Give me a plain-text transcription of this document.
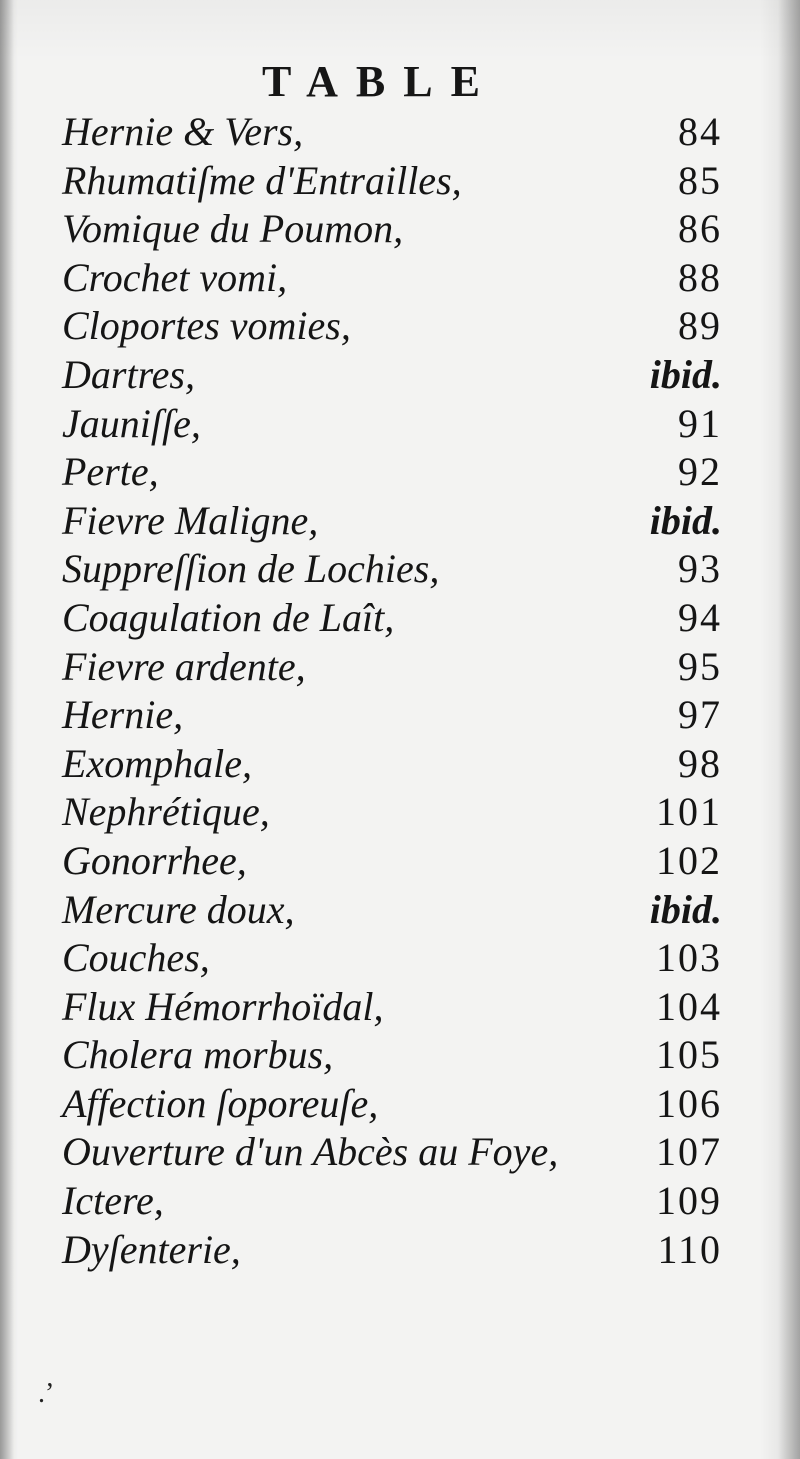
TABLE
Hernie & Vers,	84
Rhumatiſme d'Entrailles,	85
Vomique du Poumon,	86
Crochet vomi,	88
Cloportes vomies,	89
Dartres,	ibid.
Jauniſſe,	91
Perte,	92
Fievre Maligne,	ibid.
Suppreſſion de Lochies,	93
Coagulation de Laît,	94
Fievre ardente,	95
Hernie,	97
Exomphale,	98
Nephrétique,	101
Gonorrhee,	102
Mercure doux,	ibid.
Couches,	103
Flux Hémorrhoïdal,	104
Cholera morbus,	105
Affection ſoporeuſe,	106
Ouverture d'un Abcès au Foye, 107
Ictere,	109
Dyſenterie,	110
.ʼ
